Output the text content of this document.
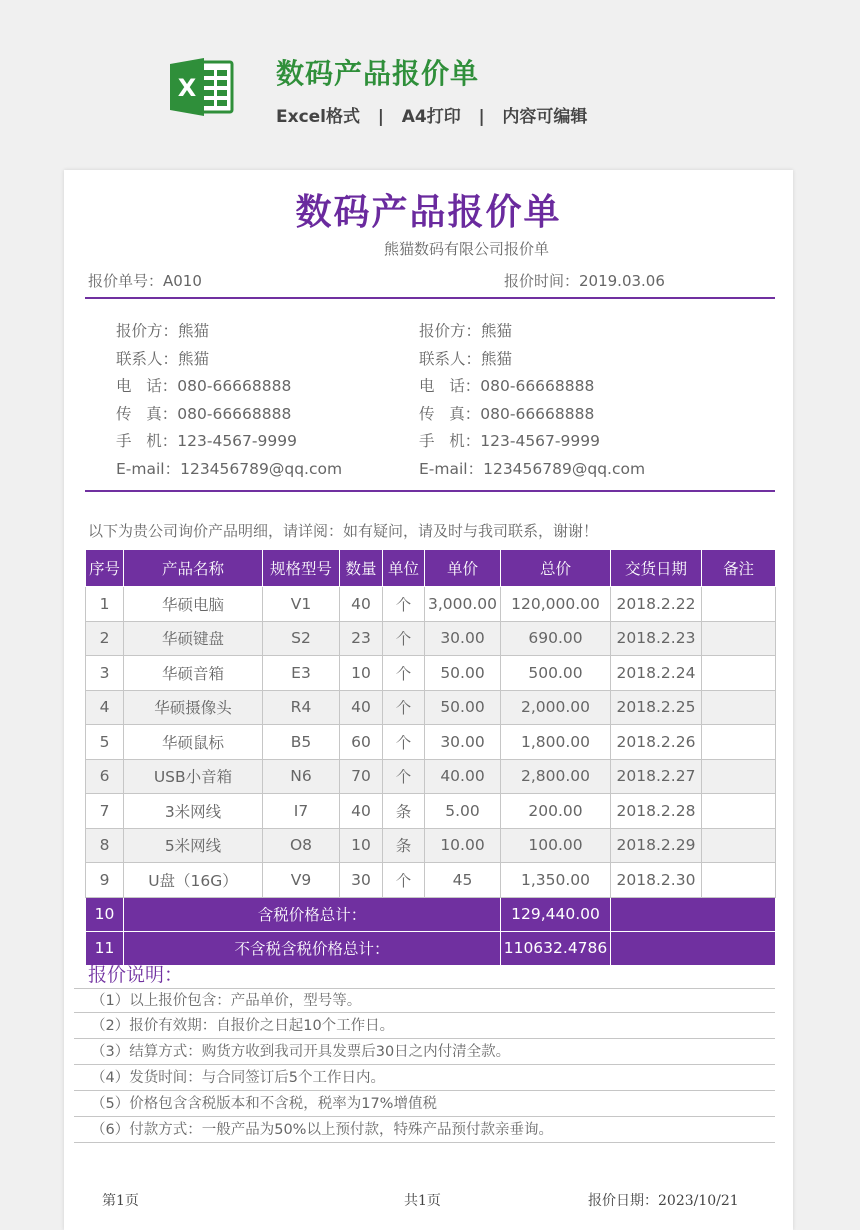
X	数码产品报价单
Excel格式   |   A4打印   |   内容可编辑
数码产品报价单
熊猫数码有限公司报价单
报价单号：A010	报价时间：2019.03.06
报价方：熊猫
联系人：熊猫
电   话：080-66668888
传   真：080-66668888
手   机：123-4567-9999
E-mail：123456789@qq.com
报价方：熊猫
联系人：熊猫
电   话：080-66668888
传   真：080-66668888
手   机：123-4567-9999
E-mail：123456789@qq.com
以下为贵公司询价产品明细，请详阅：如有疑问，请及时与我司联系，谢谢！
序号	产品名称	规格型号	数量	单位	单价	总价	交货日期	备注
1	华硕电脑	V1	40	个	3,000.00	120,000.00	2018.2.22	
2	华硕键盘	S2	23	个	30.00	690.00	2018.2.23	
3	华硕音箱	E3	10	个	50.00	500.00	2018.2.24	
4	华硕摄像头	R4	40	个	50.00	2,000.00	2018.2.25	
5	华硕鼠标	B5	60	个	30.00	1,800.00	2018.2.26	
6	USB小音箱	N6	70	个	40.00	2,800.00	2018.2.27	
7	3米网线	I7	40	条	5.00	200.00	2018.2.28	
8	5米网线	O8	10	条	10.00	100.00	2018.2.29	
9	U盘（16G）	V9	30	个	45	1,350.00	2018.2.30	
10	含税价格总计：					129,440.00		
11	不含税含税价格总计：					110632.4786		
报价说明：
（1）以上报价包含：产品单价，型号等。
（2）报价有效期：自报价之日起10个工作日。
（3）结算方式：购货方收到我司开具发票后30日之内付清全款。
（4）发货时间：与合同签订后5个工作日内。
（5）价格包含含税版本和不含税，税率为17%增值税
（6）付款方式：一般产品为50%以上预付款，特殊产品预付款亲垂询。
第1页	共1页	报价日期：2023/10/21
